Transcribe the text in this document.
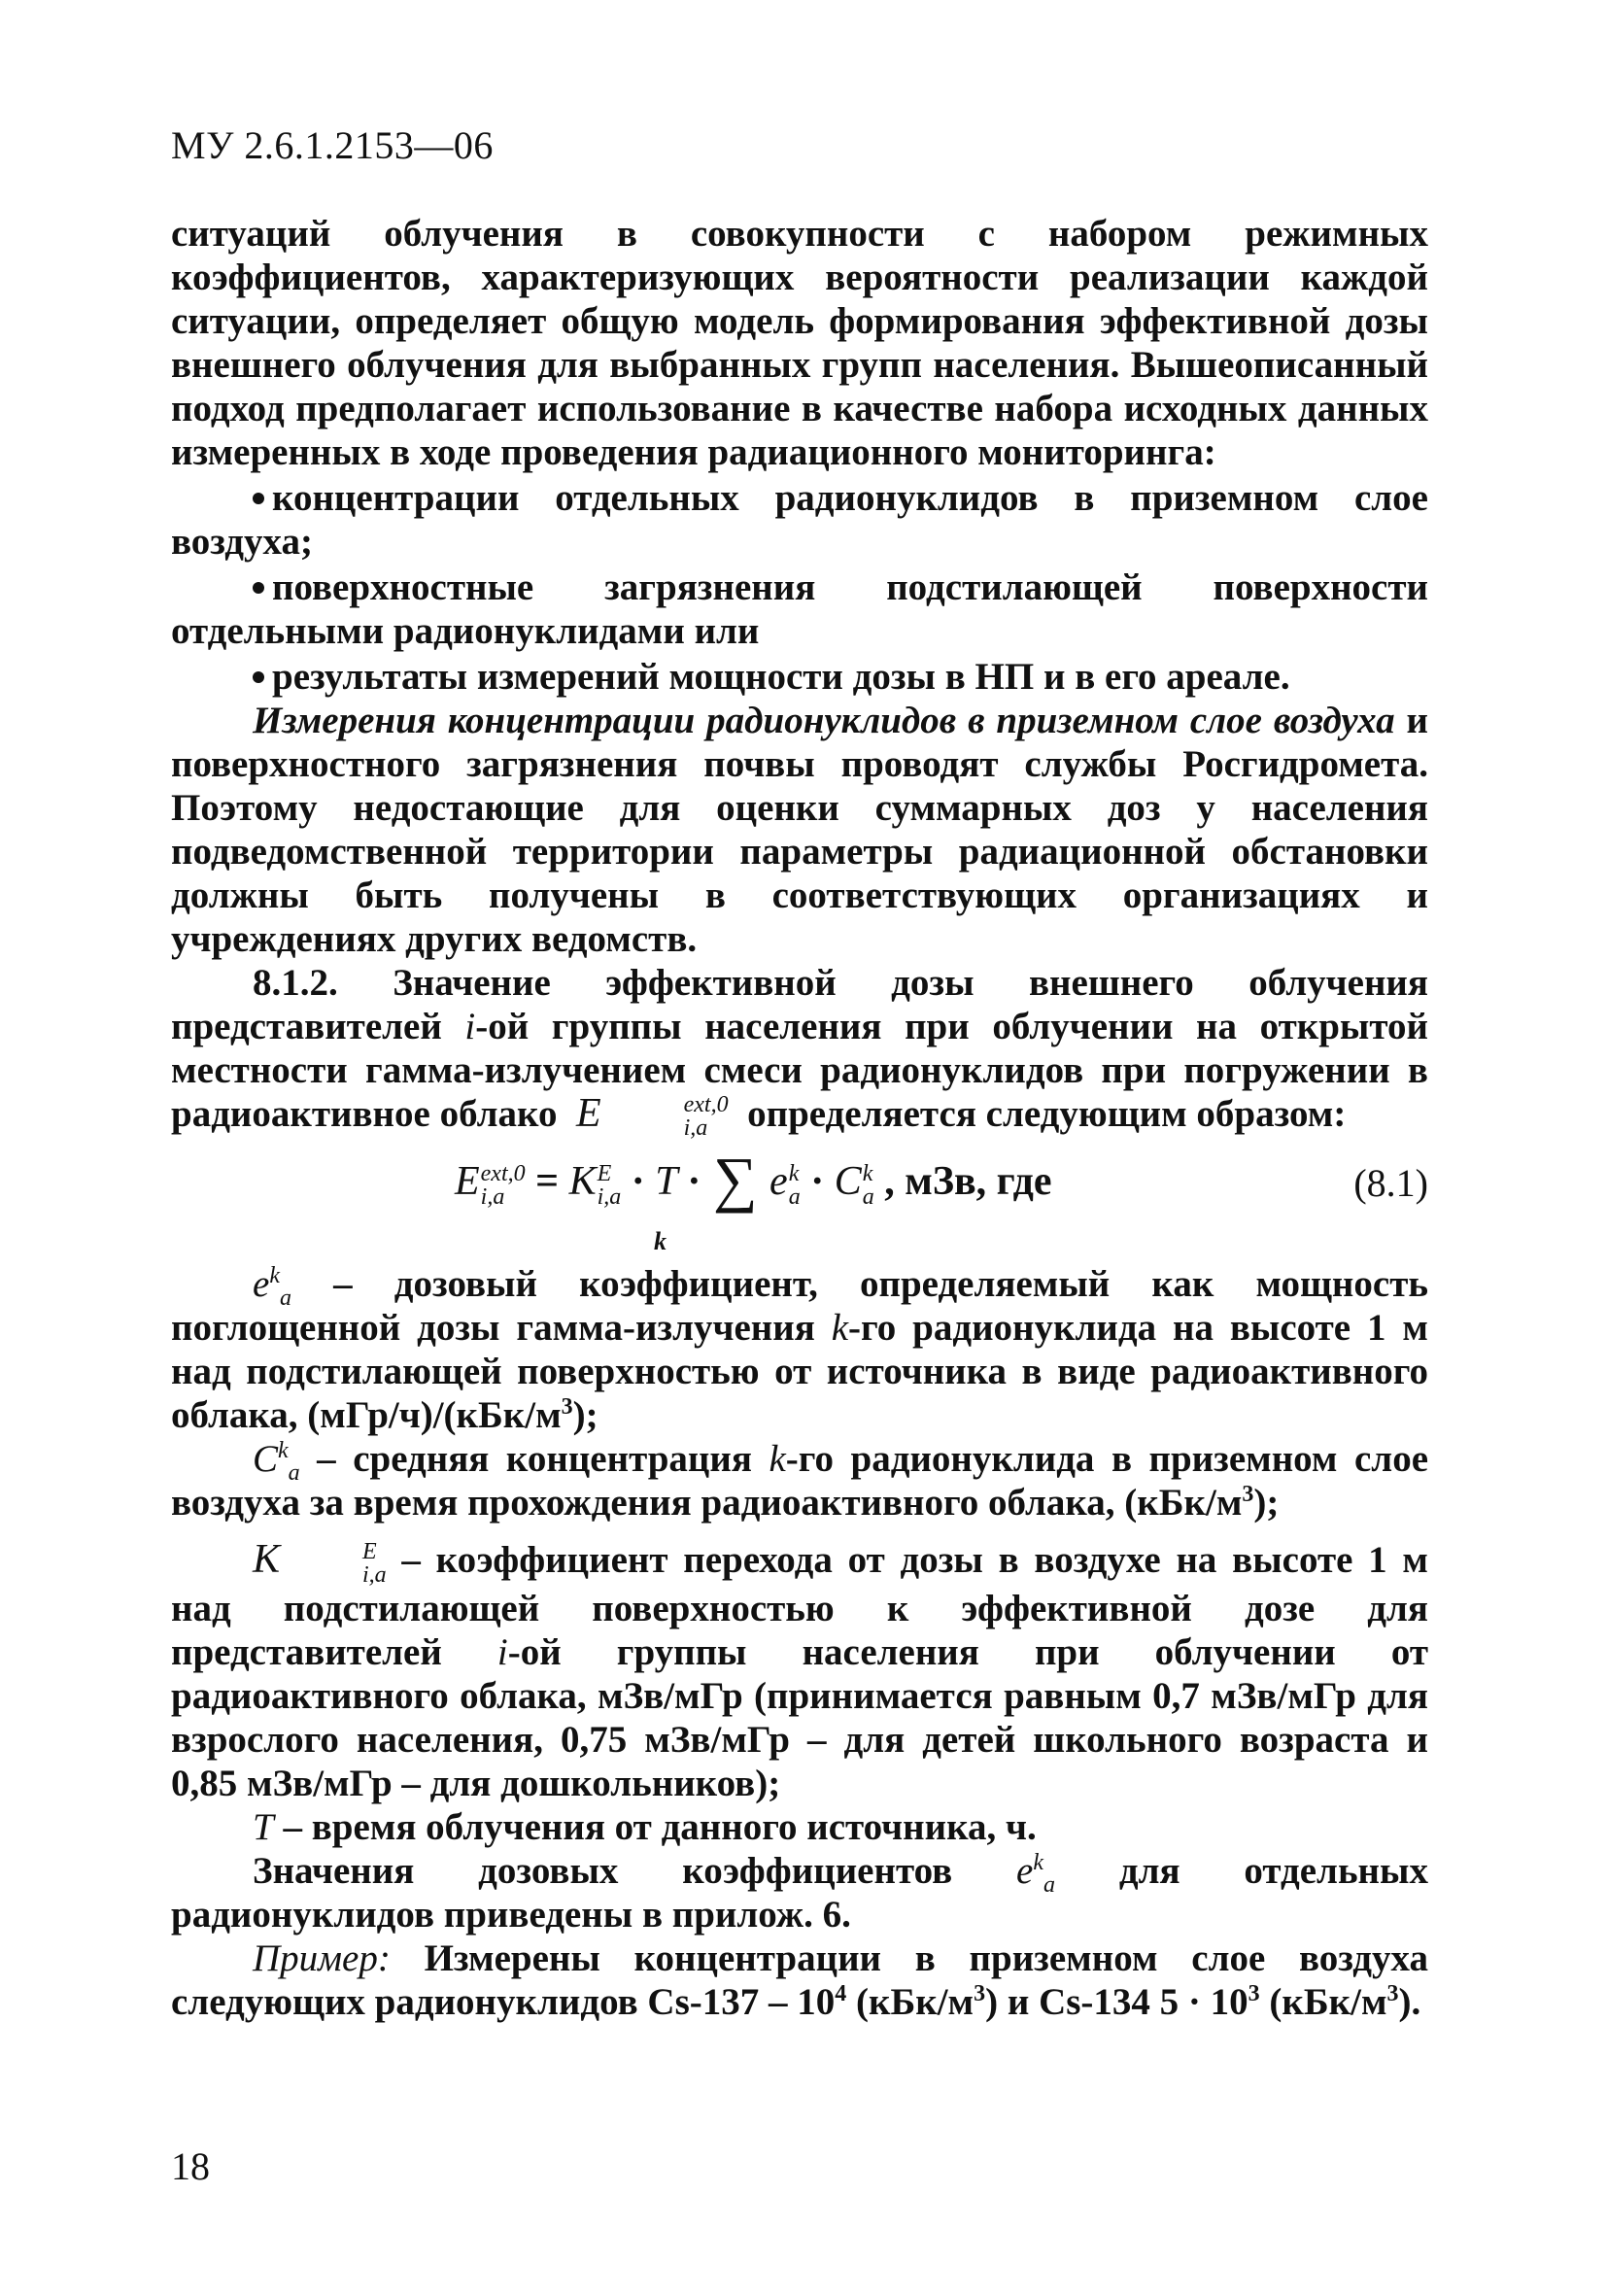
МУ 2.6.1.2153—06

ситуаций облучения в совокупности с набором режимных коэффициентов, характеризующих вероятности реализации каждой ситуации, определяет общую модель формирования эффективной дозы внешнего облучения для выбранных групп населения. Вышеописанный подход предполагает использование в качестве набора исходных данных измеренных в ходе проведения радиационного мониторинга:

концентрации отдельных радионуклидов в приземном слое воздуха;

поверхностные загрязнения подстилающей поверхности отдельными радионуклидами или

результаты измерений мощности дозы в НП и в его ареале.

Измерения концентрации радионуклидов в приземном слое воздуха и поверхностного загрязнения почвы проводят службы Росгидромета. Поэтому недостающие для оценки суммарных доз у населения подведомственной территории параметры радиационной обстановки должны быть получены в соответствующих организациях и учреждениях других ведомств.

8.1.2. Значение эффективной дозы внешнего облучения представителей i-ой группы населения при облучении на открытой местности гамма-излучением смеси радионуклидов при погружении в радиоактивное облако E	ext,0
i,a	определяется следующим образом:

E ext,0
i,a = K E
i,a · T · ∑ e k
a · C k
a , мЗв, где
k
(8.1)

$e^k_a$ – дозовый коэффициент, определяемый как мощность поглощенной дозы гамма-излучения k-го радионуклида на высоте 1 м над подстилающей поверхностью от источника в виде радиоактивного облака, $(мГр/ч)/(кБк/м^3)$;

$C^k_a$ – средняя концентрация k-го радионуклида в приземном слое воздуха за время прохождения радиоактивного облака, $(кБк/м^3)$;

K	E
i,a – коэффициент перехода от дозы в воздухе на высоте 1 м над подстилающей поверхностью к эффективной дозе для представителей i-ой группы населения при облучении от радиоактивного облака, мЗв/мГр (принимается равным 0,7 мЗв/мГр для взрослого населения, 0,75 мЗв/мГр – для детей школьного возраста и 0,85 мЗв/мГр – для дошкольников);

T – время облучения от данного источника, ч.

Значения дозовых коэффициентов $e^k_a$ для отдельных радионуклидов приведены в прилож. 6.

Пример: Измерены концентрации в приземном слое воздуха следующих радионуклидов $Cs-137 - 10^4$ $(кБк/м^3)$ и Cs-134 $5 \cdot 10^3$ $(кБк/м^3)$.

18
